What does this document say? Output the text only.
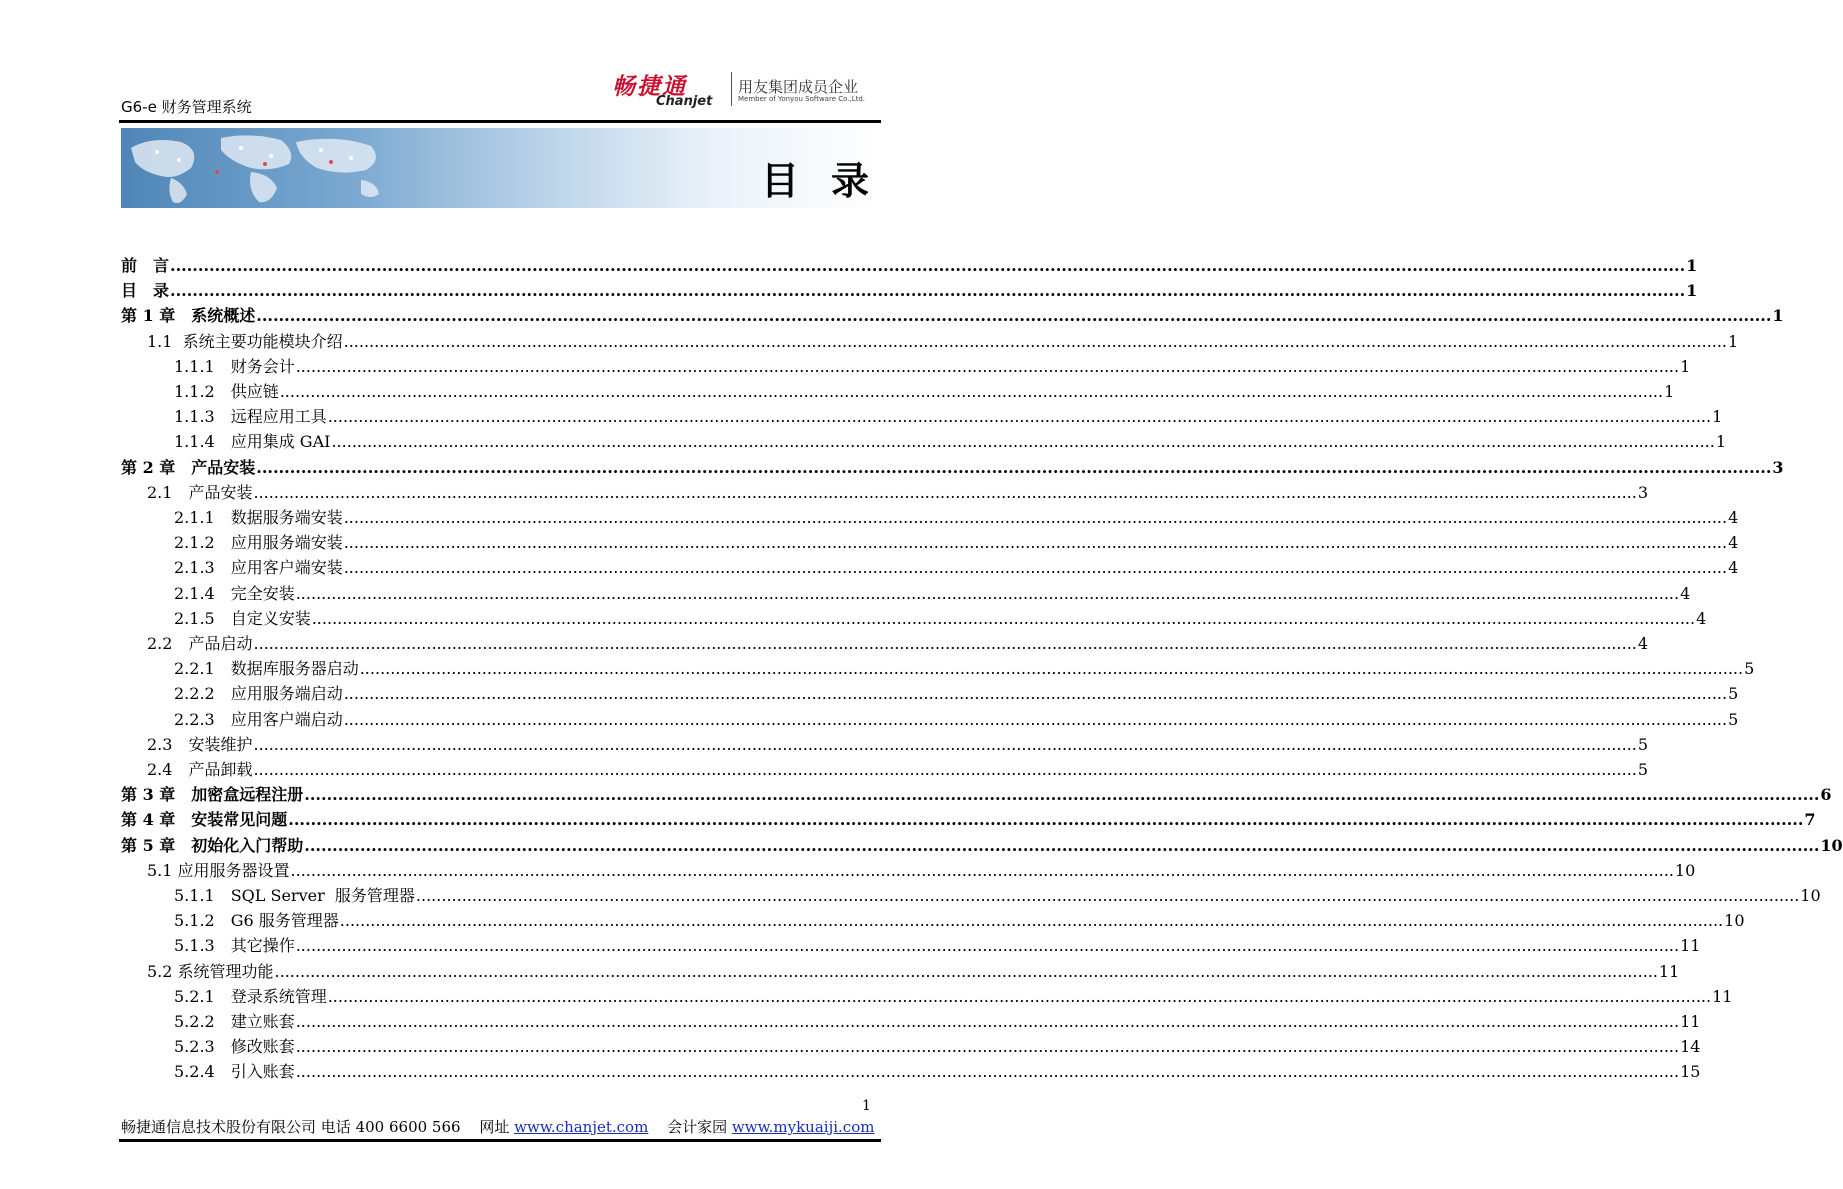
G6-e 财务管理系统
畅捷通
Chanjet
用友集团成员企业
Member of Yonyou Software Co.,Ltd.
目录
前　言 .....	1
目　录 .....	1
第 1 章　系统概述 .....	1
1.1  系统主要功能模块介绍 .....	1
1.1.1　财务会计 .....	1
1.1.2　供应链 .....	1
1.1.3　远程应用工具 .....	1
1.1.4　应用集成 GAI .....	1
第 2 章　产品安装 .....	3
2.1　产品安装 .....	3
2.1.1　数据服务端安装 .....	4
2.1.2　应用服务端安装 .....	4
2.1.3　应用客户端安装 .....	4
2.1.4　完全安装 .....	4
2.1.5　自定义安装 .....	4
2.2　产品启动 .....	4
2.2.1　数据库服务器启动 .....	5
2.2.2　应用服务端启动 .....	5
2.2.3　应用客户端启动 .....	5
2.3　安装维护 .....	5
2.4　产品卸载 .....	5
第 3 章　加密盒远程注册 .....	6
第 4 章　安装常见问题 .....	7
第 5 章　初始化入门帮助 .....	10
5.1 应用服务器设置 .....	10
5.1.1　SQL Server  服务管理器 .....	10
5.1.2　G6 服务管理器 .....	10
5.1.3　其它操作 .....	11
5.2 系统管理功能 .....	11
5.2.1　登录系统管理 .....	11
5.2.2　建立账套 .....	11
5.2.3　修改账套 .....	14
5.2.4　引入账套 .....	15
1
畅捷通信息技术股份有限公司 电话 400 6600 566 网址 www.chanjet.com 会计家园 www.mykuaiji.com
